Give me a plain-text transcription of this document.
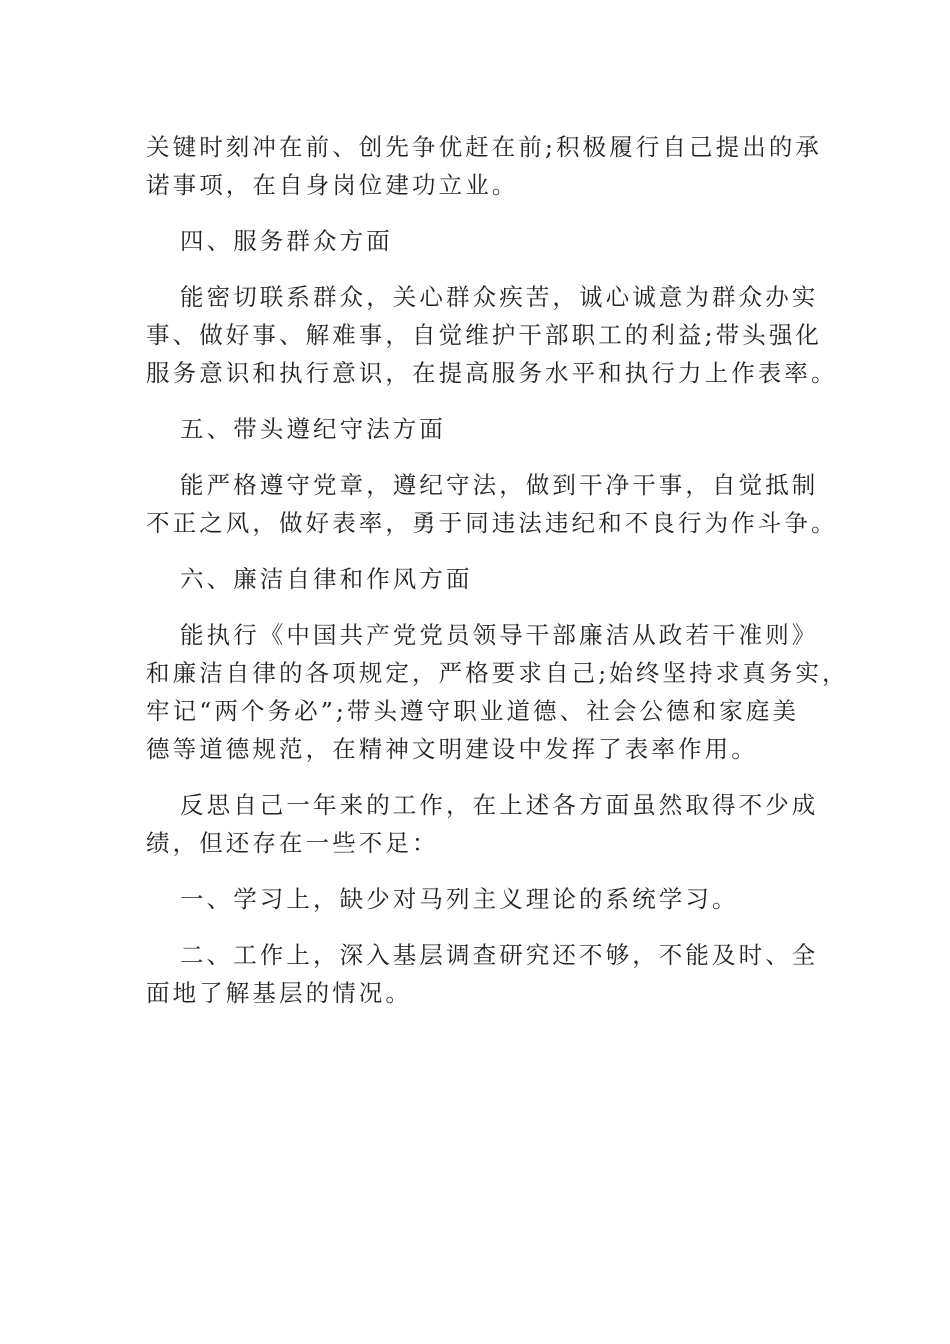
关键时刻冲在前、创先争优赶在前;积极履行自己提出的承
诺事项，在自身岗位建功立业。
四、服务群众方面
能密切联系群众，关心群众疾苦，诚心诚意为群众办实
事、做好事、解难事，自觉维护干部职工的利益;带头强化
服务意识和执行意识，在提高服务水平和执行力上作表率。
五、带头遵纪守法方面
能严格遵守党章，遵纪守法，做到干净干事，自觉抵制
不正之风，做好表率，勇于同违法违纪和不良行为作斗争。
六、廉洁自律和作风方面
能执行《中国共产党党员领导干部廉洁从政若干准则》
和廉洁自律的各项规定，严格要求自己;始终坚持求真务实，
牢记“两个务必”;带头遵守职业道德、社会公德和家庭美
德等道德规范，在精神文明建设中发挥了表率作用。
反思自己一年来的工作，在上述各方面虽然取得不少成
绩，但还存在一些不足：
一、学习上，缺少对马列主义理论的系统学习。
二、工作上，深入基层调查研究还不够，不能及时、全
面地了解基层的情况。
